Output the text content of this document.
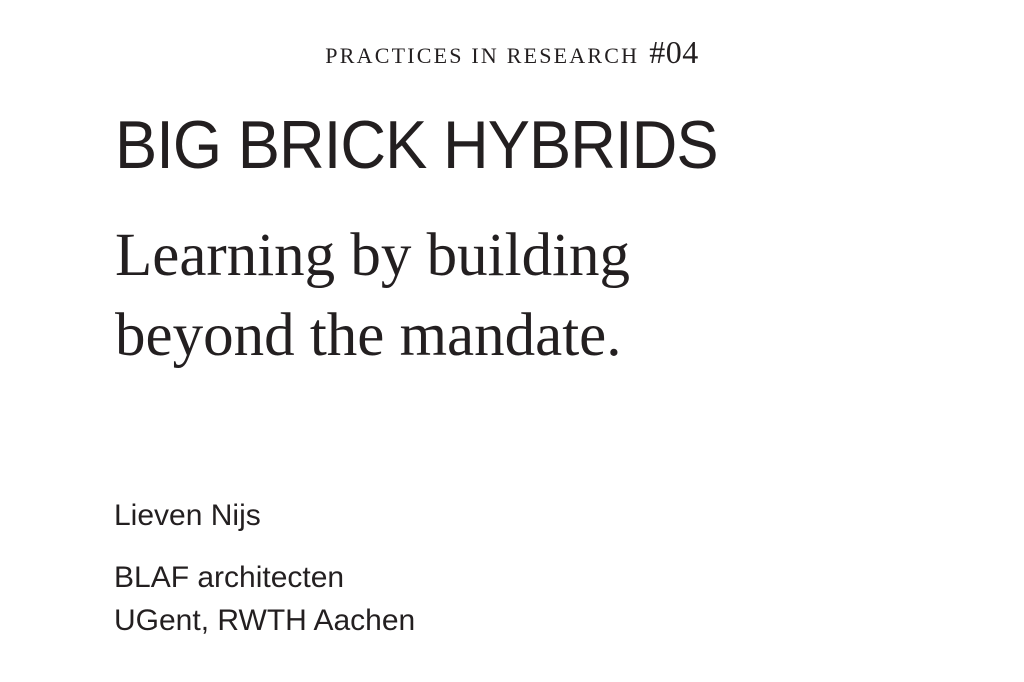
PRACTICES IN RESEARCH #04
BIG BRICK HYBRIDS
Learning by building
beyond the mandate.

Lieven Nijs

BLAF architecten
UGent, RWTH Aachen
